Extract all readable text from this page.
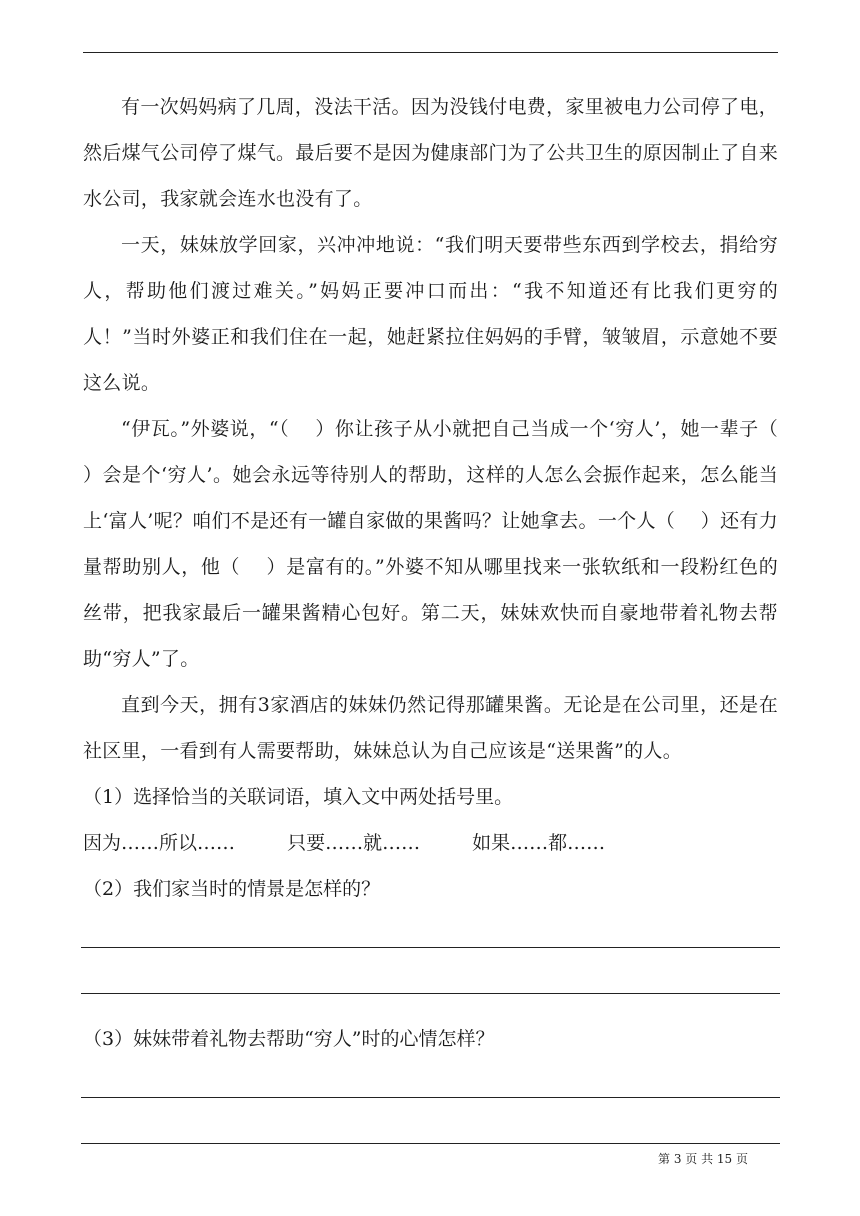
有一次妈妈病了几周，没法干活。因为没钱付电费，家里被电力公司停了电，然后煤气公司停了煤气。最后要不是因为健康部门为了公共卫生的原因制止了自来水公司，我家就会连水也没有了。

一天，妹妹放学回家，兴冲冲地说：“我们明天要带些东西到学校去，捐给穷人，帮助他们渡过难关。”妈妈正要冲口而出：“我不知道还有比我们更穷的人！”当时外婆正和我们住在一起，她赶紧拉住妈妈的手臂，皱皱眉，示意她不要这么说。

“伊瓦。”外婆说，“（　 ）你让孩子从小就把自己当成一个‘穷人’，她一辈子（　 ）会是个‘穷人’。她会永远等待别人的帮助，这样的人怎么会振作起来，怎么能当上‘富人’呢？咱们不是还有一罐自家做的果酱吗？让她拿去。一个人（　 ）还有力量帮助别人，他（　 ）是富有的。”外婆不知从哪里找来一张软纸和一段粉红色的丝带，把我家最后一罐果酱精心包好。第二天，妹妹欢快而自豪地带着礼物去帮助“穷人”了。

直到今天，拥有3家酒店的妹妹仍然记得那罐果酱。无论是在公司里，还是在社区里，一看到有人需要帮助，妹妹总认为自己应该是“送果酱”的人。

（1）选择恰当的关联词语，填入文中两处括号里。

因为……所以……	只要……就……	如果……都……

（2）我们家当时的情景是怎样的？

（3）妹妹带着礼物去帮助“穷人”时的心情怎样？

第 3 页 共 15 页
